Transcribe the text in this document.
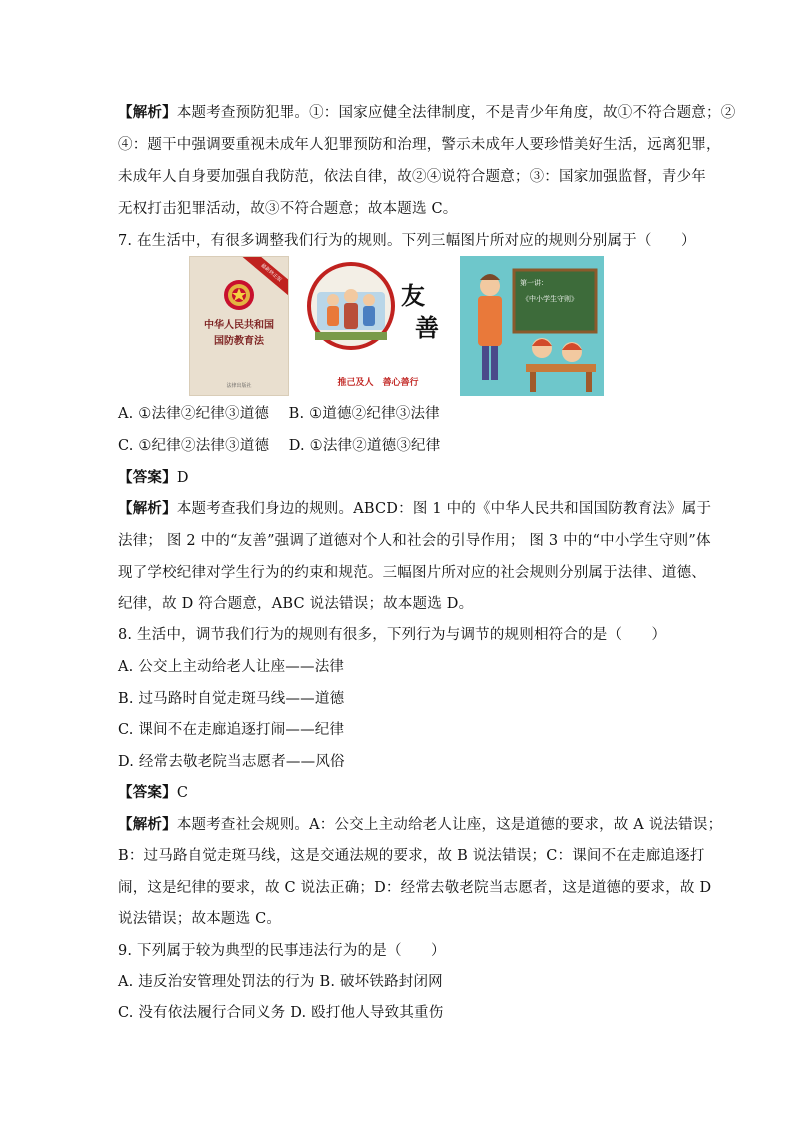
【解析】本题考查预防犯罪。①：国家应健全法律制度，不是青少年角度，故①不符合题意；②
④：题干中强调要重视未成年人犯罪预防和治理，警示未成年人要珍惜美好生活，远离犯罪，
未成年人自身要加强自我防范，依法自律，故②④说符合题意；③：国家加强监督，青少年
无权打击犯罪活动，故③不符合题意；故本题选 C。
7. 在生活中，有很多调整我们行为的规则。下列三幅图片所对应的规则分别属于（　　）
A. ①法律②纪律③道德　 B. ①道德②纪律③法律
C. ①纪律②法律③道德　 D. ①法律②道德③纪律
【答案】D
【解析】本题考查我们身边的规则。ABCD：图 1 中的《中华人民共和国国防教育法》属于
法律； 图 2 中的“友善”强调了道德对个人和社会的引导作用； 图 3 中的“中小学生守则”体
现了学校纪律对学生行为的约束和规范。三幅图片所对应的社会规则分别属于法律、道德、
纪律，故 D 符合题意，ABC 说法错误；故本题选 D。
8. 生活中，调节我们行为的规则有很多，下列行为与调节的规则相符合的是（　　）
A. 公交上主动给老人让座——法律
B. 过马路时自觉走斑马线——道德
C. 课间不在走廊追逐打闹——纪律
D. 经常去敬老院当志愿者——风俗
【答案】C
【解析】本题考查社会规则。A：公交上主动给老人让座，这是道德的要求，故 A 说法错误；
B：过马路自觉走斑马线，这是交通法规的要求，故 B 说法错误；C：课间不在走廊追逐打
闹，这是纪律的要求，故 C 说法正确；D：经常去敬老院当志愿者，这是道德的要求，故 D
说法错误；故本题选 C。
9. 下列属于较为典型的民事违法行为的是（　　）
A. 违反治安管理处罚法的行为 B. 破坏铁路封闭网
C. 没有依法履行合同义务 D. 殴打他人导致其重伤
最新修正版
中华人民共和国
国防教育法
法律出版社
友
善
推己及人　善心善行
第一讲：
《中小学生守则》
